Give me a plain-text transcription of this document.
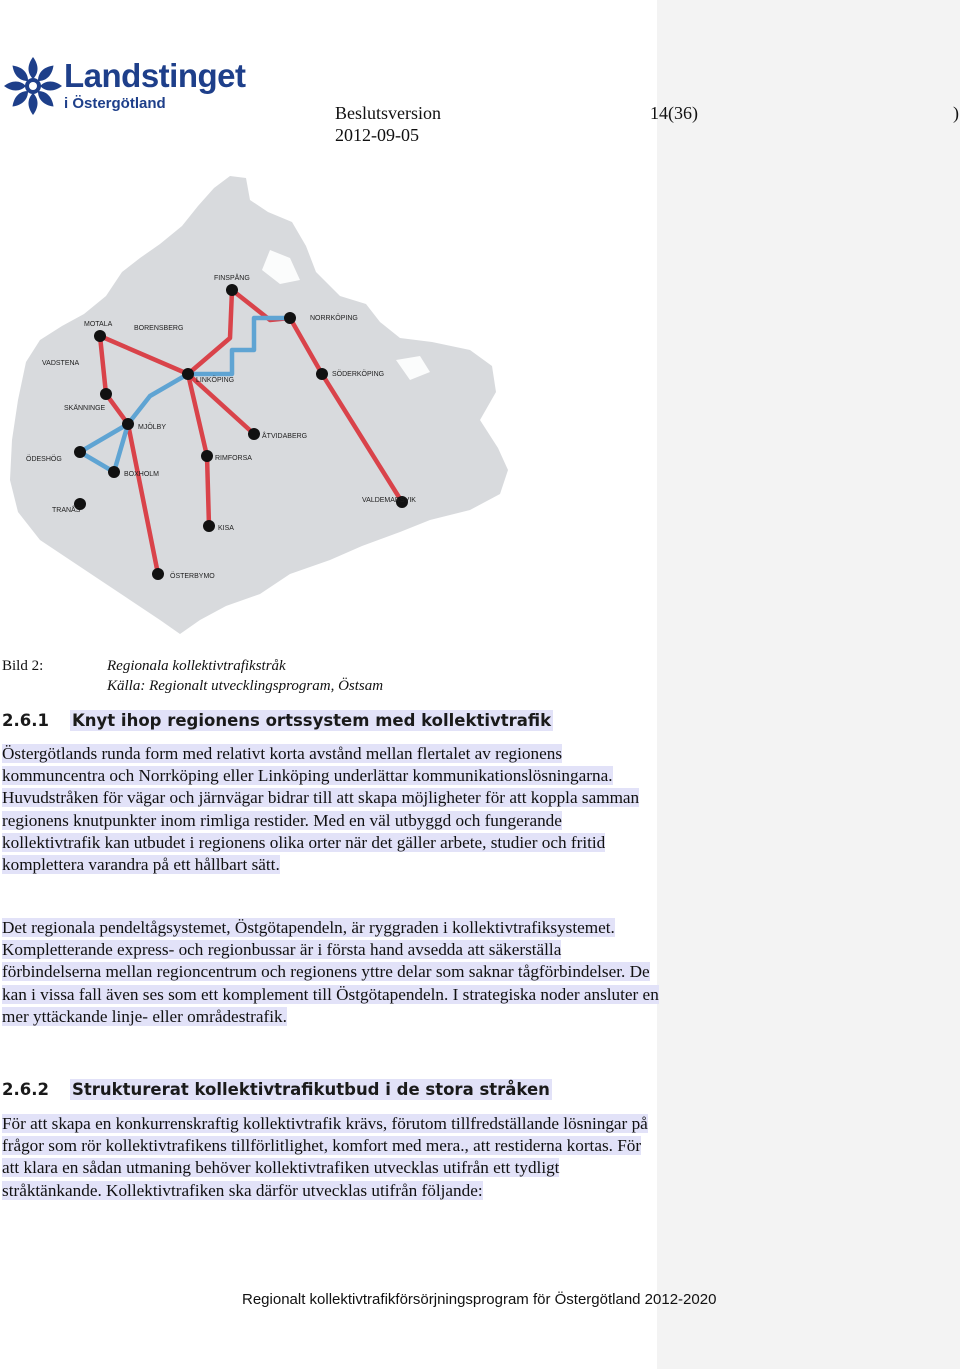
Landstinget
i Östergötland	Beslutsversion
2012-09-05
14(36)	)
FINSPÅNG
MOTALA
BORENSBERG
NORRKÖPING
VADSTENA
LINKÖPING
SÖDERKÖPING
SKÄNNINGE
MJÖLBY
ÅTVIDABERG
ÖDESHÖG	RIMFORSA
BOXHOLM
VALDEMARSVIK
TRANÅS
KISA
ÖSTERBYMO
Bild 2:	Regionala kollektivtrafikstråk
Källa: Regionalt utvecklingsprogram, Östsam
2.6.1 Knyt ihop regionens ortssystem med kollektivtrafik
Östergötlands runda form med relativt korta avstånd mellan flertalet av regionens kommuncentra och Norrköping eller Linköping underlättar kommunikationslösningarna. Huvudstråken för vägar och järnvägar bidrar till att skapa möjligheter för att koppla samman regionens knutpunkter inom rimliga restider. Med en väl utbyggd och fungerande kollektivtrafik kan utbudet i regionens olika orter när det gäller arbete, studier och fritid komplettera varandra på ett hållbart sätt.
Det regionala pendeltågsystemet, Östgötapendeln, är ryggraden i kollektivtrafiksystemet. Kompletterande express- och regionbussar är i första hand avsedda att säkerställa förbindelserna mellan regioncentrum och regionens yttre delar som saknar tågförbindelser. De kan i vissa fall även ses som ett komplement till Östgötapendeln. I strategiska noder ansluter en mer yttäckande linje- eller områdestrafik.
2.6.2 Strukturerat kollektivtrafikutbud i de stora stråken
För att skapa en konkurrenskraftig kollektivtrafik krävs, förutom tillfredställande lösningar på frågor som rör kollektivtrafikens tillförlitlighet, komfort med mera., att restiderna kortas. För att klara en sådan utmaning behöver kollektivtrafiken utvecklas utifrån ett tydligt stråktänkande. Kollektivtrafiken ska därför utvecklas utifrån följande:
Regionalt kollektivtrafikförsörjningsprogram för Östergötland 2012-2020
